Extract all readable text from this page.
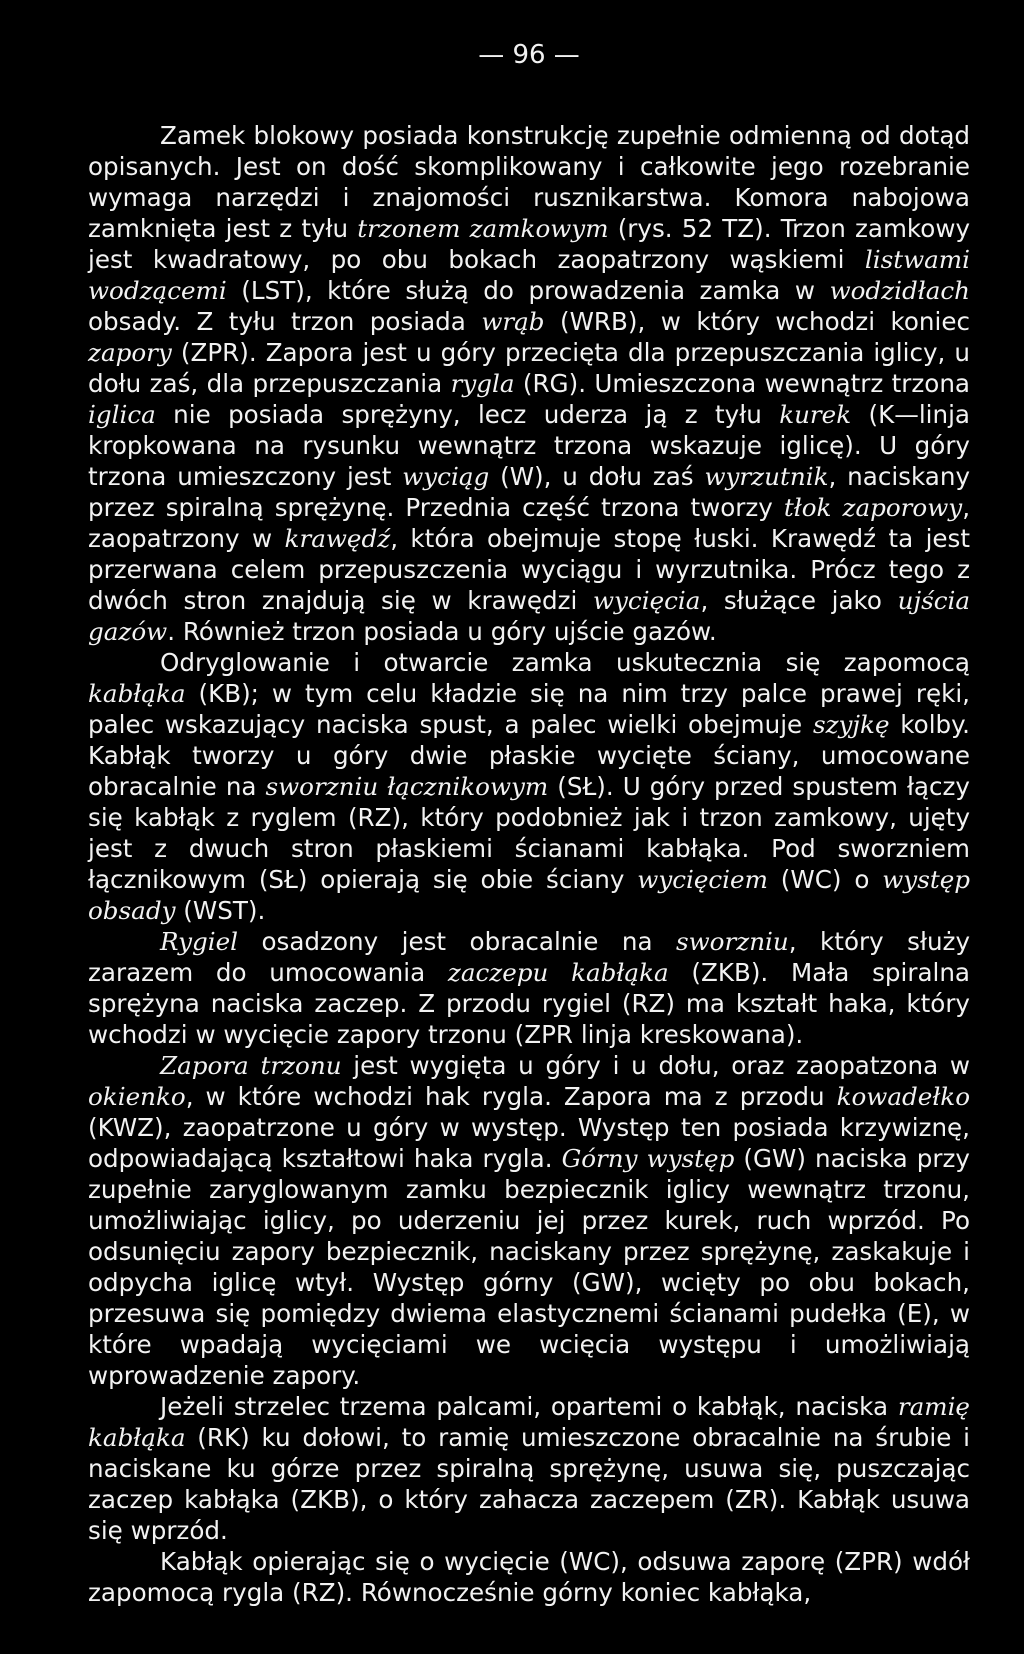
— 96 —
Zamek blokowy posiada konstrukcję zupełnie odmienną od dotąd opisanych. Jest on dość skomplikowany i całkowite jego rozebranie wymaga narzędzi i znajomości rusznikarstwa. Komora nabojowa zamknięta jest z tyłu trzonem zamkowym (rys. 52 TZ). Trzon zamkowy jest kwadratowy, po obu bokach zaopatrzony wąskiemi listwami wodzącemi (LST), które służą do prowadzenia zamka w wodzidłach obsady. Z tyłu trzon posiada wrąb (WRB), w który wchodzi koniec zapory (ZPR). Zapora jest u góry przecięta dla przepuszczania iglicy, u dołu zaś, dla przepuszczania rygla (RG). Umieszczona wewnątrz trzona iglica nie posiada sprężyny, lecz uderza ją z tyłu kurek (K—linja kropkowana na rysunku wewnątrz trzona wskazuje iglicę). U góry trzona umieszczony jest wyciąg (W), u dołu zaś wyrzutnik, naciskany przez spiralną sprężynę. Przednia część trzona tworzy tłok zaporowy, zaopatrzony w krawędź, która obejmuje stopę łuski. Krawędź ta jest przerwana celem przepuszczenia wyciągu i wyrzutnika. Prócz tego z dwóch stron znajdują się w krawędzi wycięcia, służące jako ujścia gazów. Również trzon posiada u góry ujście gazów.
Odryglowanie i otwarcie zamka uskutecznia się zapomocą kabłąka (KB); w tym celu kładzie się na nim trzy palce prawej ręki, palec wskazujący naciska spust, a palec wielki obejmuje szyjkę kolby. Kabłąk tworzy u góry dwie płaskie wycięte ściany, umocowane obracalnie na sworzniu łącznikowym (SŁ). U góry przed spustem łączy się kabłąk z ryglem (RZ), który podobnież jak i trzon zamkowy, ujęty jest z dwuch stron płaskiemi ścianami kabłąka. Pod sworzniem łącznikowym (SŁ) opierają się obie ściany wycięciem (WC) o występ obsady (WST).
Rygiel osadzony jest obracalnie na sworzniu, który służy zarazem do umocowania zaczepu kabłąka (ZKB). Mała spiralna sprężyna naciska zaczep. Z przodu rygiel (RZ) ma kształt haka, który wchodzi w wycięcie zapory trzonu (ZPR linja kreskowana).
Zapora trzonu jest wygięta u góry i u dołu, oraz zaopatzona w okienko, w które wchodzi hak rygla. Zapora ma z przodu kowadełko (KWZ), zaopatrzone u góry w występ. Występ ten posiada krzywiznę, odpowiadającą kształtowi haka rygla. Górny występ (GW) naciska przy zupełnie zaryglowanym zamku bezpiecznik iglicy wewnątrz trzonu, umożliwiając iglicy, po uderzeniu jej przez kurek, ruch wprzód. Po odsunięciu zapory bezpiecznik, naciskany przez sprężynę, zaskakuje i odpycha iglicę wtył. Występ górny (GW), wcięty po obu bokach, przesuwa się pomiędzy dwiema elastycznemi ścianami pudełka (E), w które wpadają wycięciami we wcięcia występu i umożliwiają wprowadzenie zapory.
Jeżeli strzelec trzema palcami, opartemi o kabłąk, naciska ramię kabłąka (RK) ku dołowi, to ramię umieszczone obracalnie na śrubie i naciskane ku górze przez spiralną sprężynę, usuwa się, puszczając zaczep kabłąka (ZKB), o który zahacza zaczepem (ZR). Kabłąk usuwa się wprzód.
Kabłąk opierając się o wycięcie (WC), odsuwa zaporę (ZPR) wdół zapomocą rygla (RZ). Równocześnie górny koniec kabłąka,
